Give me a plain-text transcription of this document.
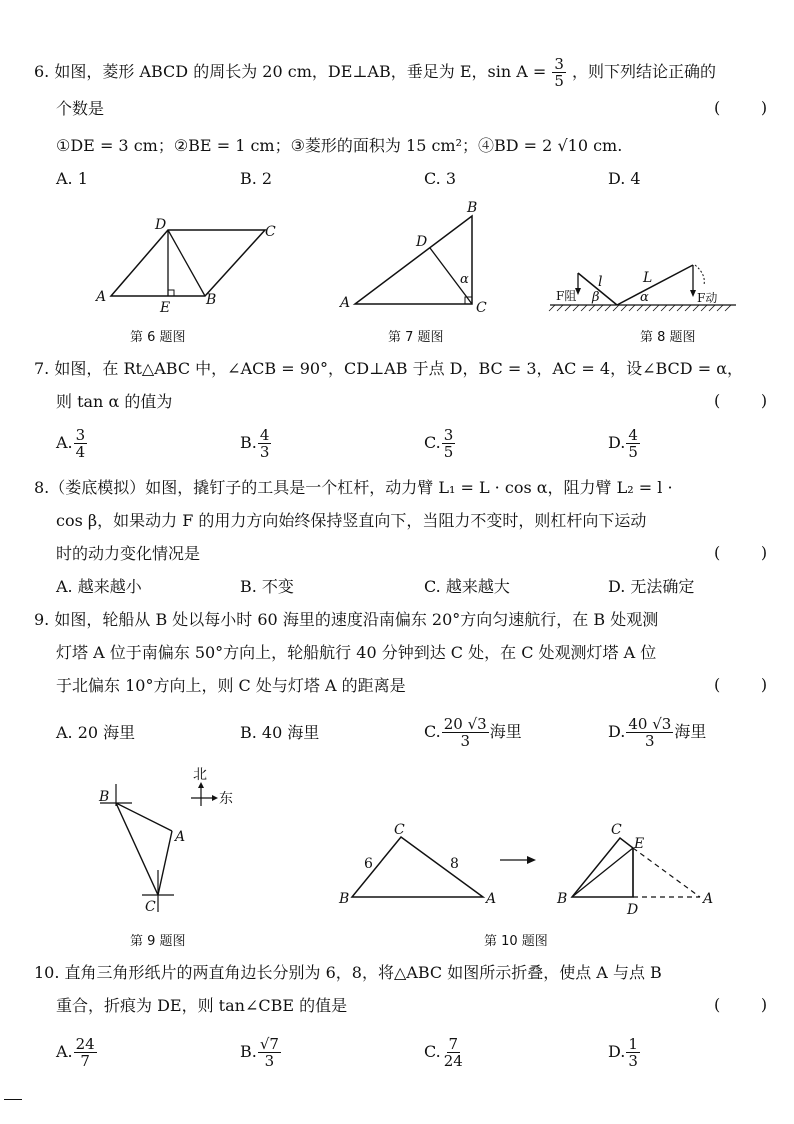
6. 如图，菱形 ABCD 的周长为 20 cm，DE⊥AB，垂足为 E，$\sin A = \frac{3}{5}$ ，则下列结论正确的
个数是	(        )
①DE = 3 cm；②BE = 1 cm；③菱形的面积为 15 cm²；④BD = 2 √10 cm.
A. 1	B. 2	C. 3	D. 4
A	B
C
D
E	A
B
C
D
α
F阻	F动
l	L
β	α
北
东
B
A
C	B	A
C
6	8
B
C
E
D
A
第 6 题图	第 7 题图	第 8 题图
7. 如图，在 Rt△ABC 中，∠ACB = 90°，CD⊥AB 于点 D，BC = 3，AC = 4，设∠BCD = α，
则 tan α 的值为	(        )
A. $\frac{3}{4}$	B. $\frac{4}{3}$	C. $\frac{3}{5}$	D. $\frac{4}{5}$
8.（娄底模拟）如图，撬钉子的工具是一个杠杆，动力臂 L₁ = L · cos α，阻力臂 L₂ = l ·
cos β，如果动力 F 的用力方向始终保持竖直向下，当阻力不变时，则杠杆向下运动
时的动力变化情况是	(        )
A. 越来越小	B. 不变	C. 越来越大	D. 无法确定
9. 如图，轮船从 B 处以每小时 60 海里的速度沿南偏东 20°方向匀速航行，在 B 处观测
灯塔 A 位于南偏东 50°方向上，轮船航行 40 分钟到达 C 处，在 C 处观测灯塔 A 位
于北偏东 10°方向上，则 C 处与灯塔 A 的距离是	(        )
A. 20 海里	B. 40 海里	C. $\frac{20 √3}{3}$ 海里	D. $\frac{40 √3}{3}$ 海里
第 9 题图	第 10 题图
10. 直角三角形纸片的两直角边长分别为 6，8，将△ABC 如图所示折叠，使点 A 与点 B
重合，折痕为 DE，则 tan∠CBE 的值是	(        )
A. $\frac{24}{7}$	B. $\frac{√7}{3}$	C. $\frac{7}{24}$	D. $\frac{1}{3}$
